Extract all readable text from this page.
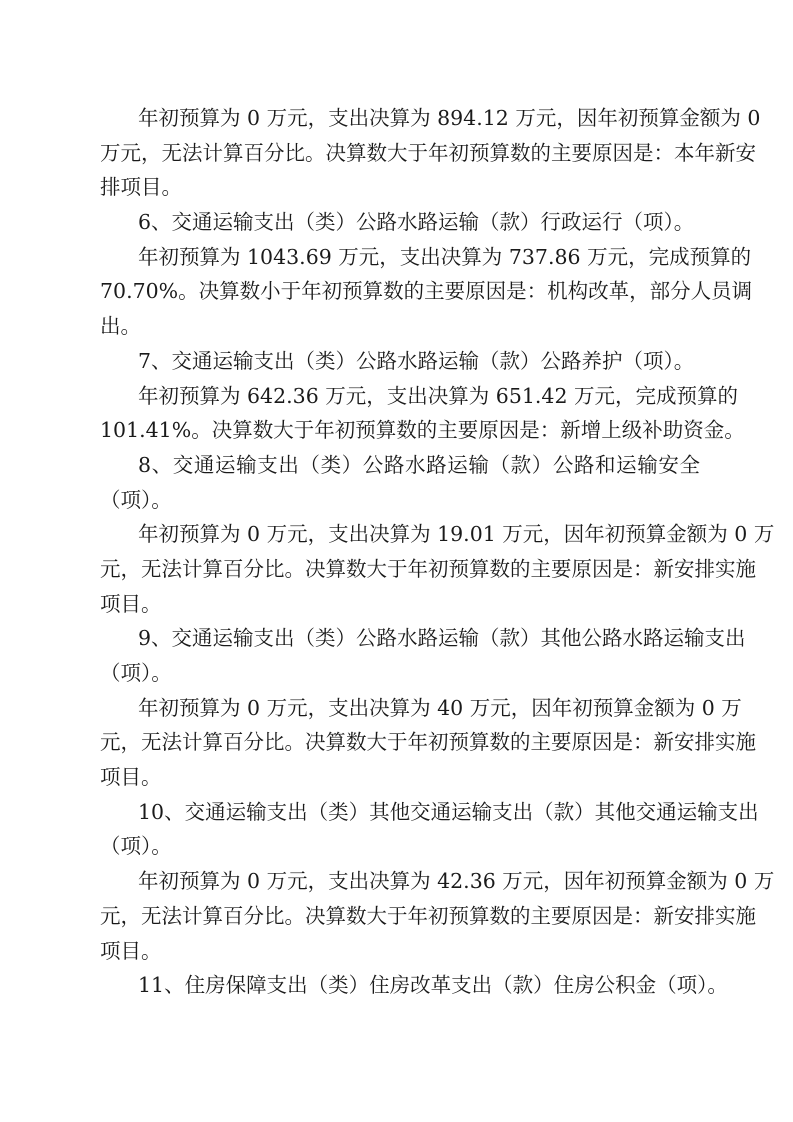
年初预算为 0 万元，支出决算为 894.12 万元，因年初预算金额为 0
万元，无法计算百分比。决算数大于年初预算数的主要原因是：本年新安
排项目。
6、交通运输支出（类）公路水路运输（款）行政运行（项）。
年初预算为 1043.69 万元，支出决算为 737.86 万元，完成预算的
70.70%。决算数小于年初预算数的主要原因是：机构改革，部分人员调
出。
7、交通运输支出（类）公路水路运输（款）公路养护（项）。
年初预算为 642.36 万元，支出决算为 651.42 万元，完成预算的
101.41%。决算数大于年初预算数的主要原因是：新增上级补助资金。
8、交通运输支出（类）公路水路运输（款）公路和运输安全
（项）。
年初预算为 0 万元，支出决算为 19.01 万元，因年初预算金额为 0 万
元，无法计算百分比。决算数大于年初预算数的主要原因是：新安排实施
项目。
9、交通运输支出（类）公路水路运输（款）其他公路水路运输支出
（项）。
年初预算为 0 万元，支出决算为 40 万元，因年初预算金额为 0 万
元，无法计算百分比。决算数大于年初预算数的主要原因是：新安排实施
项目。
10、交通运输支出（类）其他交通运输支出（款）其他交通运输支出
（项）。
年初预算为 0 万元，支出决算为 42.36 万元，因年初预算金额为 0 万
元，无法计算百分比。决算数大于年初预算数的主要原因是：新安排实施
项目。
11、住房保障支出（类）住房改革支出（款）住房公积金（项）。
